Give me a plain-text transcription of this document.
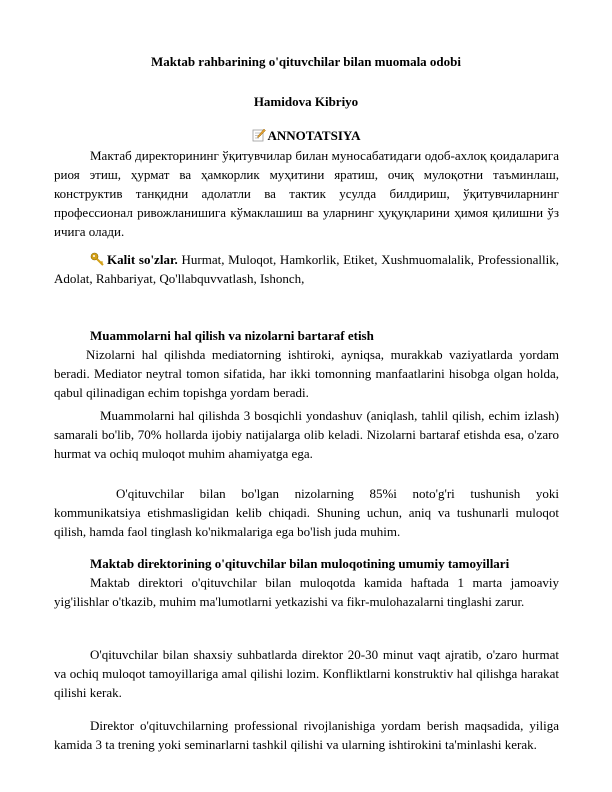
Maktab rahbarining o'qituvchilar bilan muomala odobi
Hamidova Kibriyo
ANNOTATSIYA
Мактаб директорининг ўқитувчилар билан муносабатидаги одоб-ахлоқ қоидаларига риоя этиш, ҳурмат ва ҳамкорлик муҳитини яратиш, очиқ мулоқотни таъминлаш, конструктив танқидни адолатли ва тактик усулда билдириш, ўқитувчиларнинг профессионал ривожланишига кўмаклашиш ва уларнинг ҳуқуқларини ҳимоя қилишни ўз ичига олади.
Kalit so'zlar. Hurmat, Muloqot, Hamkorlik, Etiket, Xushmuomalalik, Professionallik, Adolat, Rahbariyat, Qo'llabquvvatlash, Ishonch,
Muammolarni hal qilish va nizolarni bartaraf etish
Nizolarni hal qilishda mediatorning ishtiroki, ayniqsa, murakkab vaziyatlarda yordam beradi. Mediator neytral tomon sifatida, har ikki tomonning manfaatlarini hisobga olgan holda, qabul qilinadigan echim topishga yordam beradi.
Muammolarni hal qilishda 3 bosqichli yondashuv (aniqlash, tahlil qilish, echim izlash) samarali bo'lib, 70% hollarda ijobiy natijalarga olib keladi. Nizolarni bartaraf etishda esa, o'zaro hurmat va ochiq muloqot muhim ahamiyatga ega.
O'qituvchilar bilan bo'lgan nizolarning 85%i noto'g'ri tushunish yoki kommunikatsiya etishmasligidan kelib chiqadi. Shuning uchun, aniq va tushunarli muloqot qilish, hamda faol tinglash ko'nikmalariga ega bo'lish juda muhim.
Maktab direktorining o'qituvchilar bilan muloqotining umumiy tamoyillari
Maktab direktori o'qituvchilar bilan muloqotda kamida haftada 1 marta jamoaviy yig'ilishlar o'tkazib, muhim ma'lumotlarni yetkazishi va fikr-mulohazalarni tinglashi zarur.
O'qituvchilar bilan shaxsiy suhbatlarda direktor 20-30 minut vaqt ajratib, o'zaro hurmat va ochiq muloqot tamoyillariga amal qilishi lozim. Konfliktlarni konstruktiv hal qilishga harakat qilishi kerak.
Direktor o'qituvchilarning professional rivojlanishiga yordam berish maqsadida, yiliga kamida 3 ta trening yoki seminarlarni tashkil qilishi va ularning ishtirokini ta'minlashi kerak.
